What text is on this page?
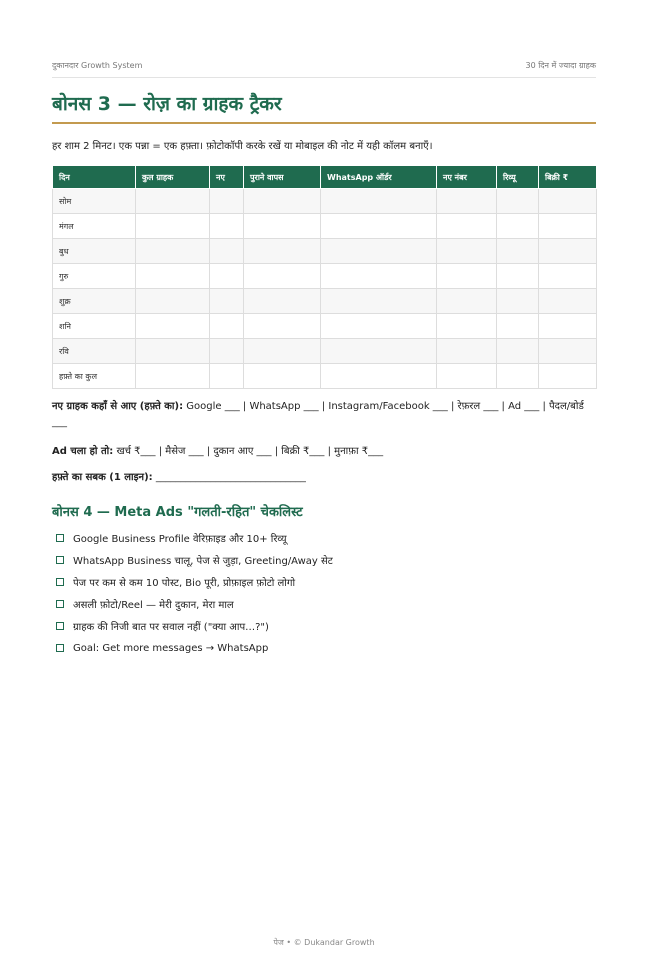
दुकानदार Growth System	30 दिन में ज्यादा ग्राहक
बोनस 3 — रोज़ का ग्राहक ट्रैकर
हर शाम 2 मिनट। एक पन्ना = एक हफ़्ता। फ़ोटोकॉपी करके रखें या मोबाइल की नोट में यही कॉलम बनाएँ।
दिन	कुल ग्राहक	नए	पुराने वापस	WhatsApp ऑर्डर	नए नंबर	रिव्यू	बिक्री ₹
सोम							
मंगल							
बुध							
गुरु							
शुक्र							
शनि							
रवि							
हफ़्ते का कुल							
नए ग्राहक कहाँ से आए (हफ़्ते का): Google ___ | WhatsApp ___ | Instagram/Facebook ___ | रेफ़रल ___ | Ad ___ | पैदल/बोर्ड ___
Ad चला हो तो: खर्च ₹___ | मैसेज ___ | दुकान आए ___ | बिक्री ₹___ | मुनाफ़ा ₹___
हफ़्ते का सबक (1 लाइन): ______________________________
बोनस 4 — Meta Ads "गलती-रहित" चेकलिस्ट
Google Business Profile वेरिफ़ाइड और 10+ रिव्यू
WhatsApp Business चालू, पेज से जुड़ा, Greeting/Away सेट
पेज पर कम से कम 10 पोस्ट, Bio पूरी, प्रोफ़ाइल फ़ोटो लोगो
असली फ़ोटो/Reel — मेरी दुकान, मेरा माल
ग्राहक की निजी बात पर सवाल नहीं ("क्या आप…?")
Goal: Get more messages → WhatsApp
पेज • © Dukandar Growth
